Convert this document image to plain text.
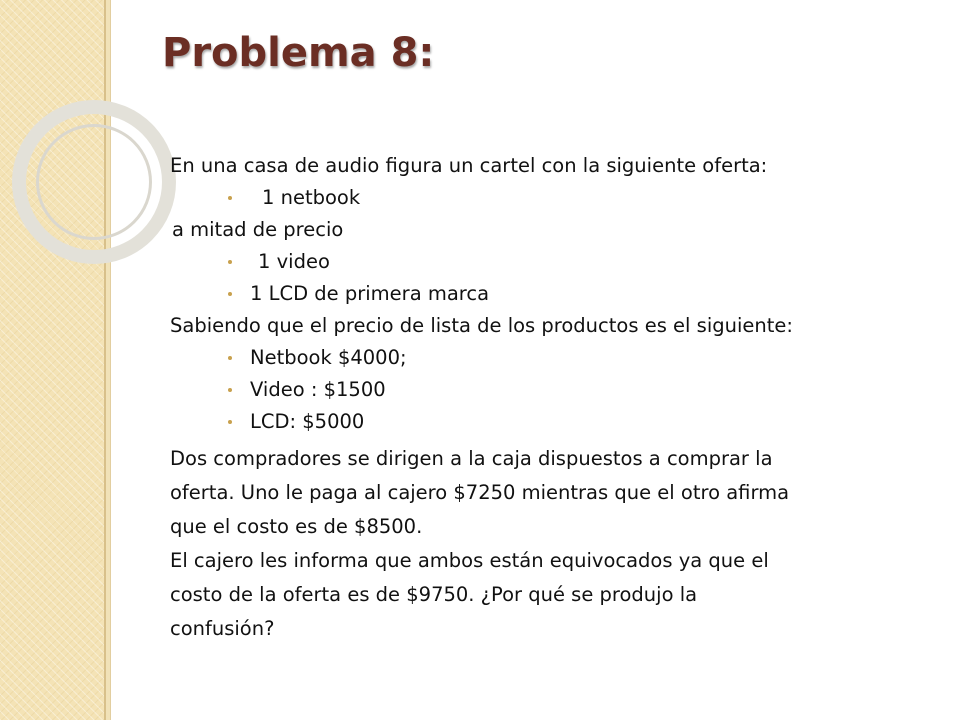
Problema 8:
En una casa de audio figura un cartel con la siguiente oferta:
1 netbook
a mitad de precio
1 video
1 LCD de primera marca
Sabiendo que el precio de lista de los productos es el siguiente:
Netbook $4000;
Video : $1500
LCD: $5000
Dos compradores se dirigen a la caja dispuestos a comprar la
oferta. Uno le paga al cajero $7250 mientras que el otro afirma
que el costo es de $8500.
El cajero les informa que ambos están equivocados ya que el
costo de la oferta es de $9750. ¿Por qué se produjo la
confusión?
